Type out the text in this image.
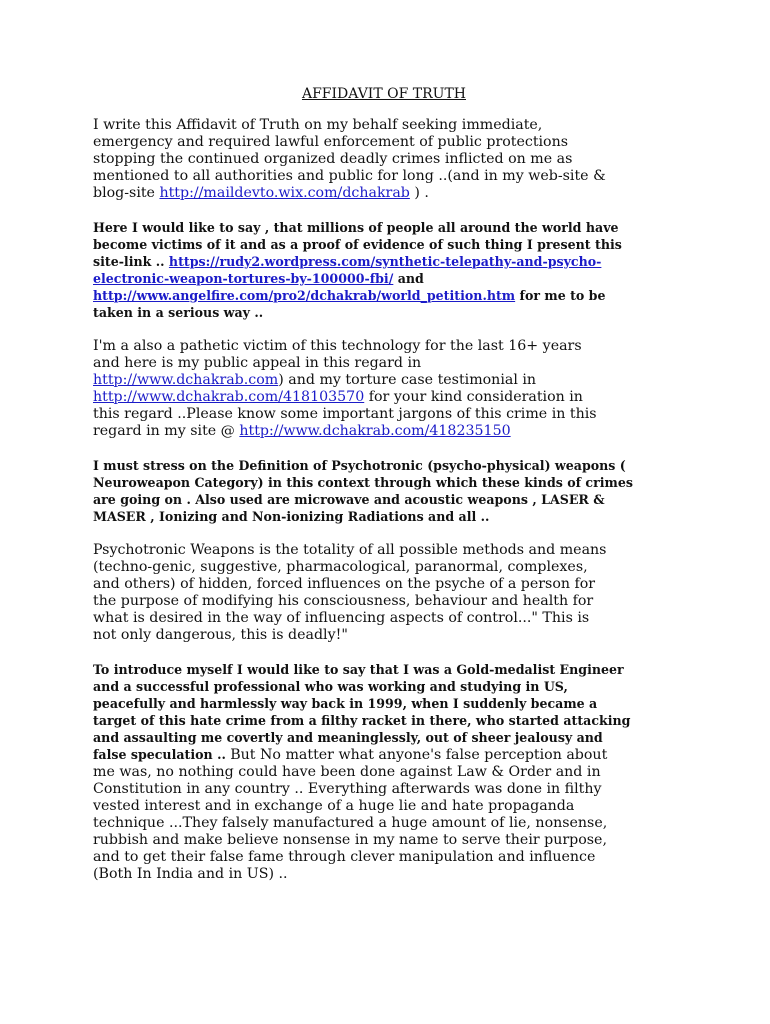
AFFIDAVIT OF TRUTH

I write this Affidavit of Truth on my behalf seeking immediate,
emergency and required lawful enforcement of public protections
stopping the continued organized deadly crimes inflicted on me as
mentioned to all authorities and public for long ..(and in my web-site &
blog-site http://maildevto.wix.com/dchakrab ) .

Here I would like to say , that millions of people all around the world have
become victims of it and as a proof of evidence of such thing I present this
site-link .. https://rudy2.wordpress.com/synthetic-telepathy-and-psycho-
electronic-weapon-tortures-by-100000-fbi/ and
http://www.angelfire.com/pro2/dchakrab/world_petition.htm for me to be
taken in a serious way ..

I'm a also a pathetic victim of this technology for the last 16+ years
and here is my public appeal in this regard in
http://www.dchakrab.com) and my torture case testimonial in
http://www.dchakrab.com/418103570 for your kind consideration in
this regard ..Please know some important jargons of this crime in this
regard in my site @ http://www.dchakrab.com/418235150

I must stress on the Definition of Psychotronic (psycho-physical) weapons (
Neuroweapon Category) in this context through which these kinds of crimes
are going on . Also used are microwave and acoustic weapons , LASER &
MASER , Ionizing and Non-ionizing Radiations and all ..

Psychotronic Weapons is the totality of all possible methods and means
(techno-genic, suggestive, pharmacological, paranormal, complexes,
and others) of hidden, forced influences on the psyche of a person for
the purpose of modifying his consciousness, behaviour and health for
what is desired in the way of influencing aspects of control..." This is
not only dangerous, this is deadly!"

To introduce myself I would like to say that I was a Gold-medalist Engineer
and a successful professional who was working and studying in US,
peacefully and harmlessly way back in 1999, when I suddenly became a
target of this hate crime from a filthy racket in there, who started attacking
and assaulting me covertly and meaninglessly, out of sheer jealousy and
false speculation .. But No matter what anyone's false perception about
me was, no nothing could have been done against Law & Order and in
Constitution in any country .. Everything afterwards was done in filthy
vested interest and in exchange of a huge lie and hate propaganda
technique ...They falsely manufactured a huge amount of lie, nonsense,
rubbish and make believe nonsense in my name to serve their purpose,
and to get their false fame through clever manipulation and influence
(Both In India and in US) ..
